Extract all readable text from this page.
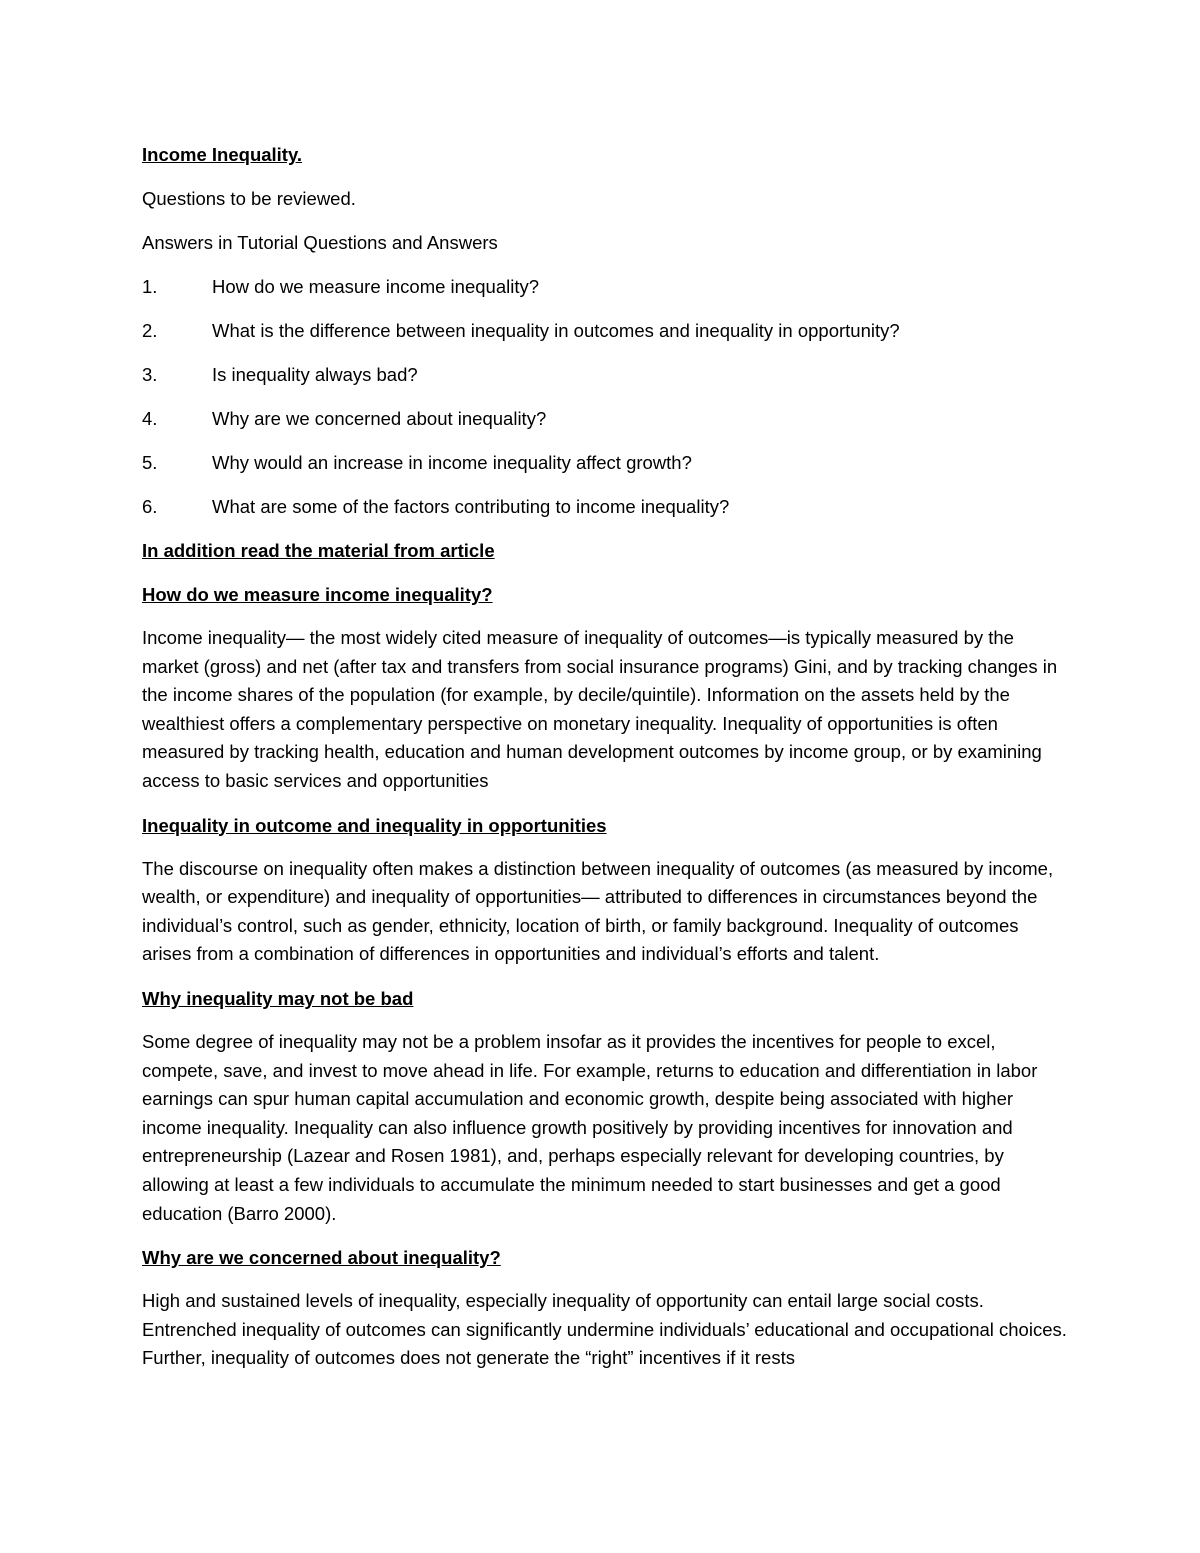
Income Inequality.
Questions to be reviewed.
Answers in Tutorial Questions and Answers
1.	How do we measure income inequality?
2.	What is the difference between inequality in outcomes and inequality in opportunity?
3.	Is inequality always bad?
4.	Why are we concerned about inequality?
5.	Why would an increase in income inequality affect growth?
6.	What are some of the factors contributing to income inequality?
In addition read the material from article
How do we measure income inequality?
Income inequality— the most widely cited measure of inequality of outcomes—is typically measured by the market (gross) and net (after tax and transfers from social insurance programs) Gini, and by tracking changes in the income shares of the population (for example, by decile/quintile). Information on the assets held by the wealthiest offers a complementary perspective on monetary inequality. Inequality of opportunities is often measured by tracking health, education and human development outcomes by income group, or by examining access to basic services and opportunities
Inequality in outcome and inequality in opportunities
The discourse on inequality often makes a distinction between inequality of outcomes (as measured by income, wealth, or expenditure) and inequality of opportunities— attributed to differences in circumstances beyond the individual’s control, such as gender, ethnicity, location of birth, or family background. Inequality of outcomes arises from a combination of differences in opportunities and individual’s efforts and talent.
Why inequality may not be bad
Some degree of inequality may not be a problem insofar as it provides the incentives for people to excel, compete, save, and invest to move ahead in life. For example, returns to education and differentiation in labor earnings can spur human capital accumulation and economic growth, despite being associated with higher income inequality. Inequality can also influence growth positively by providing incentives for innovation and entrepreneurship (Lazear and Rosen 1981), and, perhaps especially relevant for developing countries, by allowing at least a few individuals to accumulate the minimum needed to start businesses and get a good education (Barro 2000).
Why are we concerned about inequality?
High and sustained levels of inequality, especially inequality of opportunity can entail large social costs. Entrenched inequality of outcomes can significantly undermine individuals’ educational and occupational choices. Further, inequality of outcomes does not generate the “right” incentives if it rests
